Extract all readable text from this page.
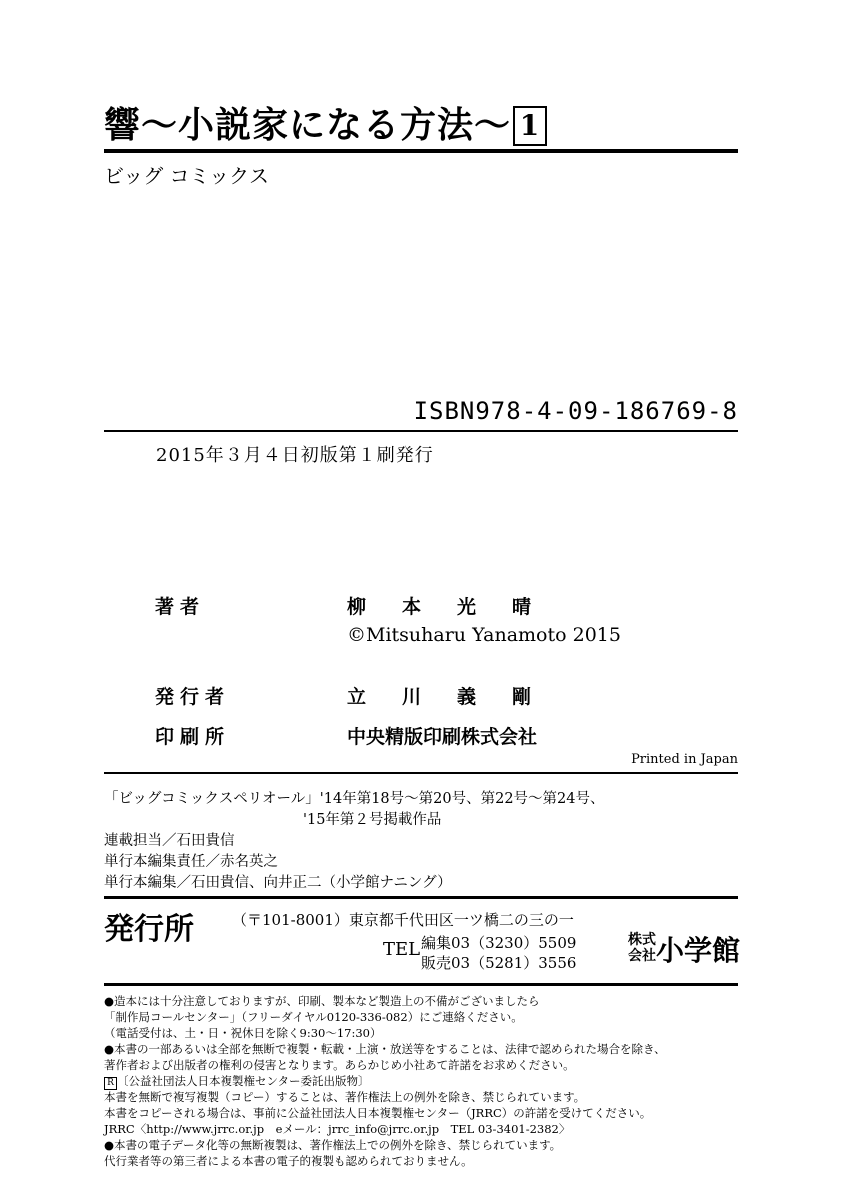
響〜小説家になる方法〜 1
ビッグ コミックス
ISBN978-4-09-186769-8
2015年３月４日初版第１刷発行
著者	柳本光晴
©Mitsuharu Yanamoto 2015
発行者	立川義剛
印刷所	中央精版印刷株式会社
Printed in Japan
「ビッグコミックスペリオール」'14年第18号〜第20号、第22号〜第24号、
'15年第２号掲載作品
連載担当／石田貴信
単行本編集責任／赤名英之
単行本編集／石田貴信、向井正二（小学館ナニング）
発行所	（〒101-8001）東京都千代田区一ツ橋二の三の一
TEL 編集03（3230）5509
販売03（5281）3556
株式
会社小学館
●造本には十分注意しておりますが、印刷、製本など製造上の不備がございましたら
「制作局コールセンター」（フリーダイヤル0120-336-082）にご連絡ください。
（電話受付は、土・日・祝休日を除く9:30〜17:30）
●本書の一部あるいは全部を無断で複製・転載・上演・放送等をすることは、法律で認められた場合を除き、
著作者および出版者の権利の侵害となります。あらかじめ小社あて許諾をお求めください。
R 〔公益社団法人日本複製権センター委託出版物〕
本書を無断で複写複製（コピー）することは、著作権法上の例外を除き、禁じられています。
本書をコピーされる場合は、事前に公益社団法人日本複製権センター（JRRC）の許諾を受けてください。
JRRC〈http://www.jrrc.or.jp　eメール：jrrc_info@jrrc.or.jp　TEL 03-3401-2382〉
●本書の電子データ化等の無断複製は、著作権法上での例外を除き、禁じられています。
代行業者等の第三者による本書の電子的複製も認められておりません。
